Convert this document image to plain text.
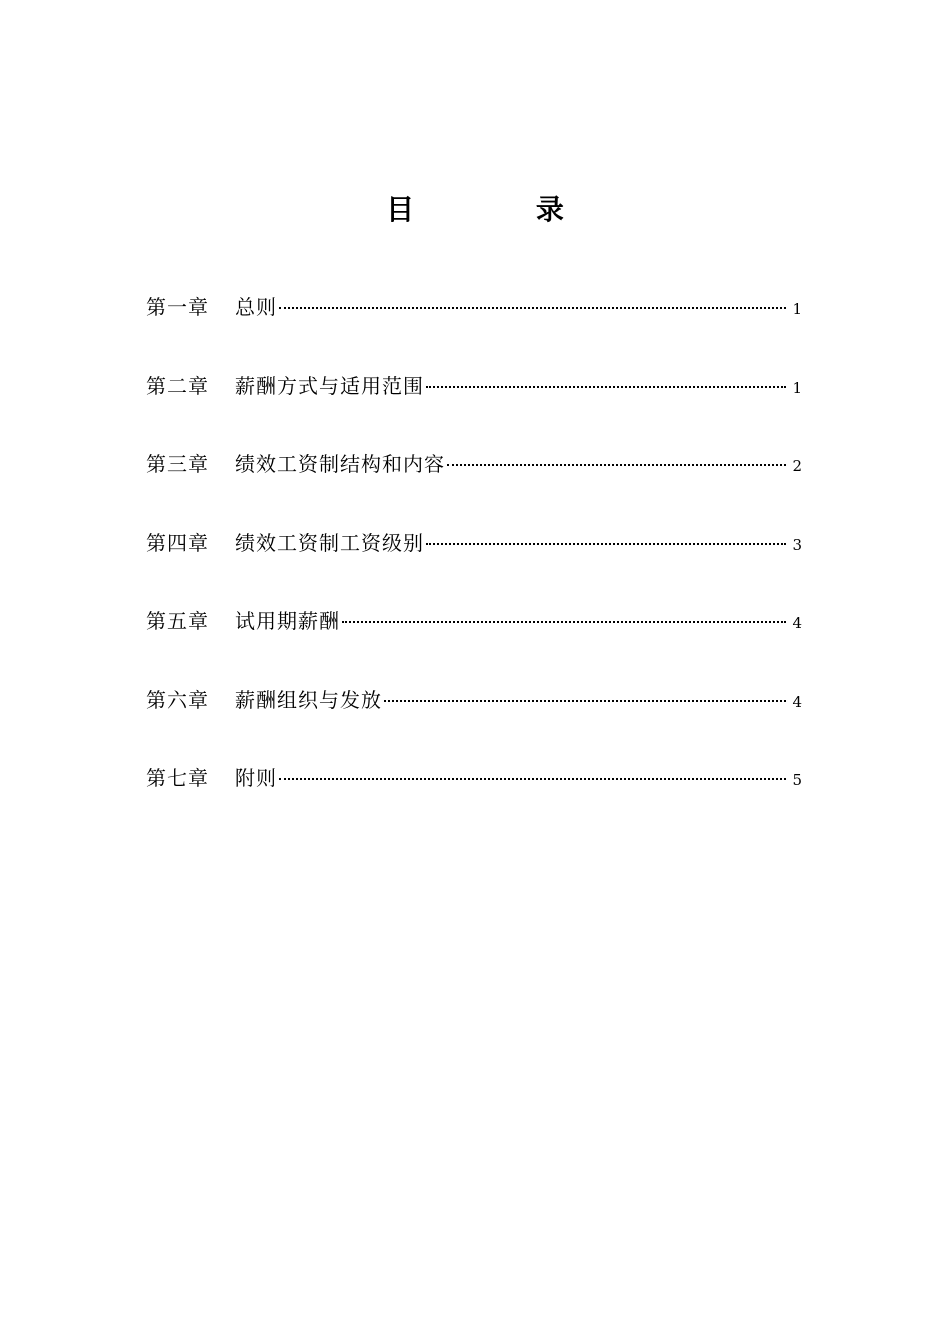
目 录
第一章	总则	1
第二章	薪酬方式与适用范围	1
第三章	绩效工资制结构和内容	2
第四章	绩效工资制工资级别	3
第五章	试用期薪酬	4
第六章	薪酬组织与发放	4
第七章	附则	5
